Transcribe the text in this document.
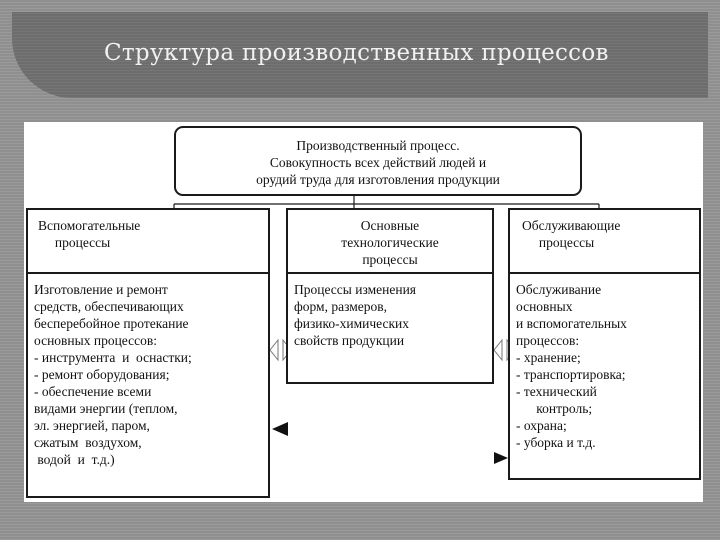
Структура производственных процессов

Производственный процесс.
Совокупность всех действий людей и
орудий труда для изготовления продукции

Вспомогательные
процессы

Изготовление и ремонт
средств, обеспечивающих
бесперебойное протекание
основных процессов:
- инструмента  и  оснастки;
- ремонт оборудования;
- обеспечение всеми
видами энергии (теплом,
эл. энергией, паром,
сжатым  воздухом,
водой  и  т.д.)

Основные
технологические
процессы

Процессы изменения
форм, размеров,
физико-химических
свойств продукции

Обслуживающие
процессы

Обслуживание
основных
и вспомогательных
процессов:
- хранение;
- транспортировка;
- технический
контроль;
- охрана;
- уборка и т.д.
